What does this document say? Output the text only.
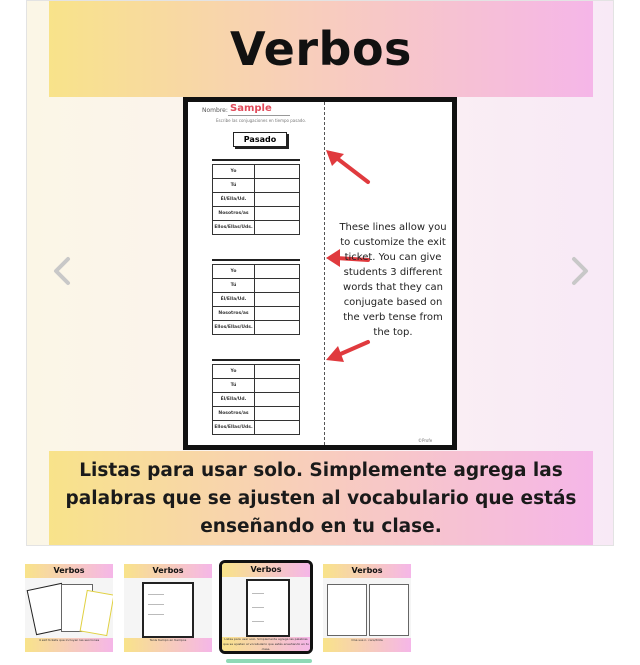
Verbos
Nombre: Sample
Escribe las conjugaciones en tiempo pasado.
Pasado
Yo	
Tú	
Él/Ella/Ud.	
Nosotros/as	
Ellos/Ellas/Uds.	
Yo	
Tú	
Él/Ella/Ud.	
Nosotros/as	
Ellos/Ellas/Uds.	
Yo	
Tú	
Él/Ella/Ud.	
Nosotros/as	
Ellos/Ellas/Uds.	
These lines allow you to customize the exit ticket. You can give students 3 different words that they can conjugate based on the verb tense from the top.
©Profe
Listas para usar solo. Simplemente agrega las palabras que se ajusten al vocabulario que estás enseñando en tu clase.
Verbos
4 exit tickets que incluyen las secciones
Verbos
Tenis tiempo en tiempos
Verbos
Listas para usar solo. Simplemente agrega las palabras que se ajusten al vocabulario que estás enseñando en tu clase.
Verbos
Ona sus n. cara/tinta
